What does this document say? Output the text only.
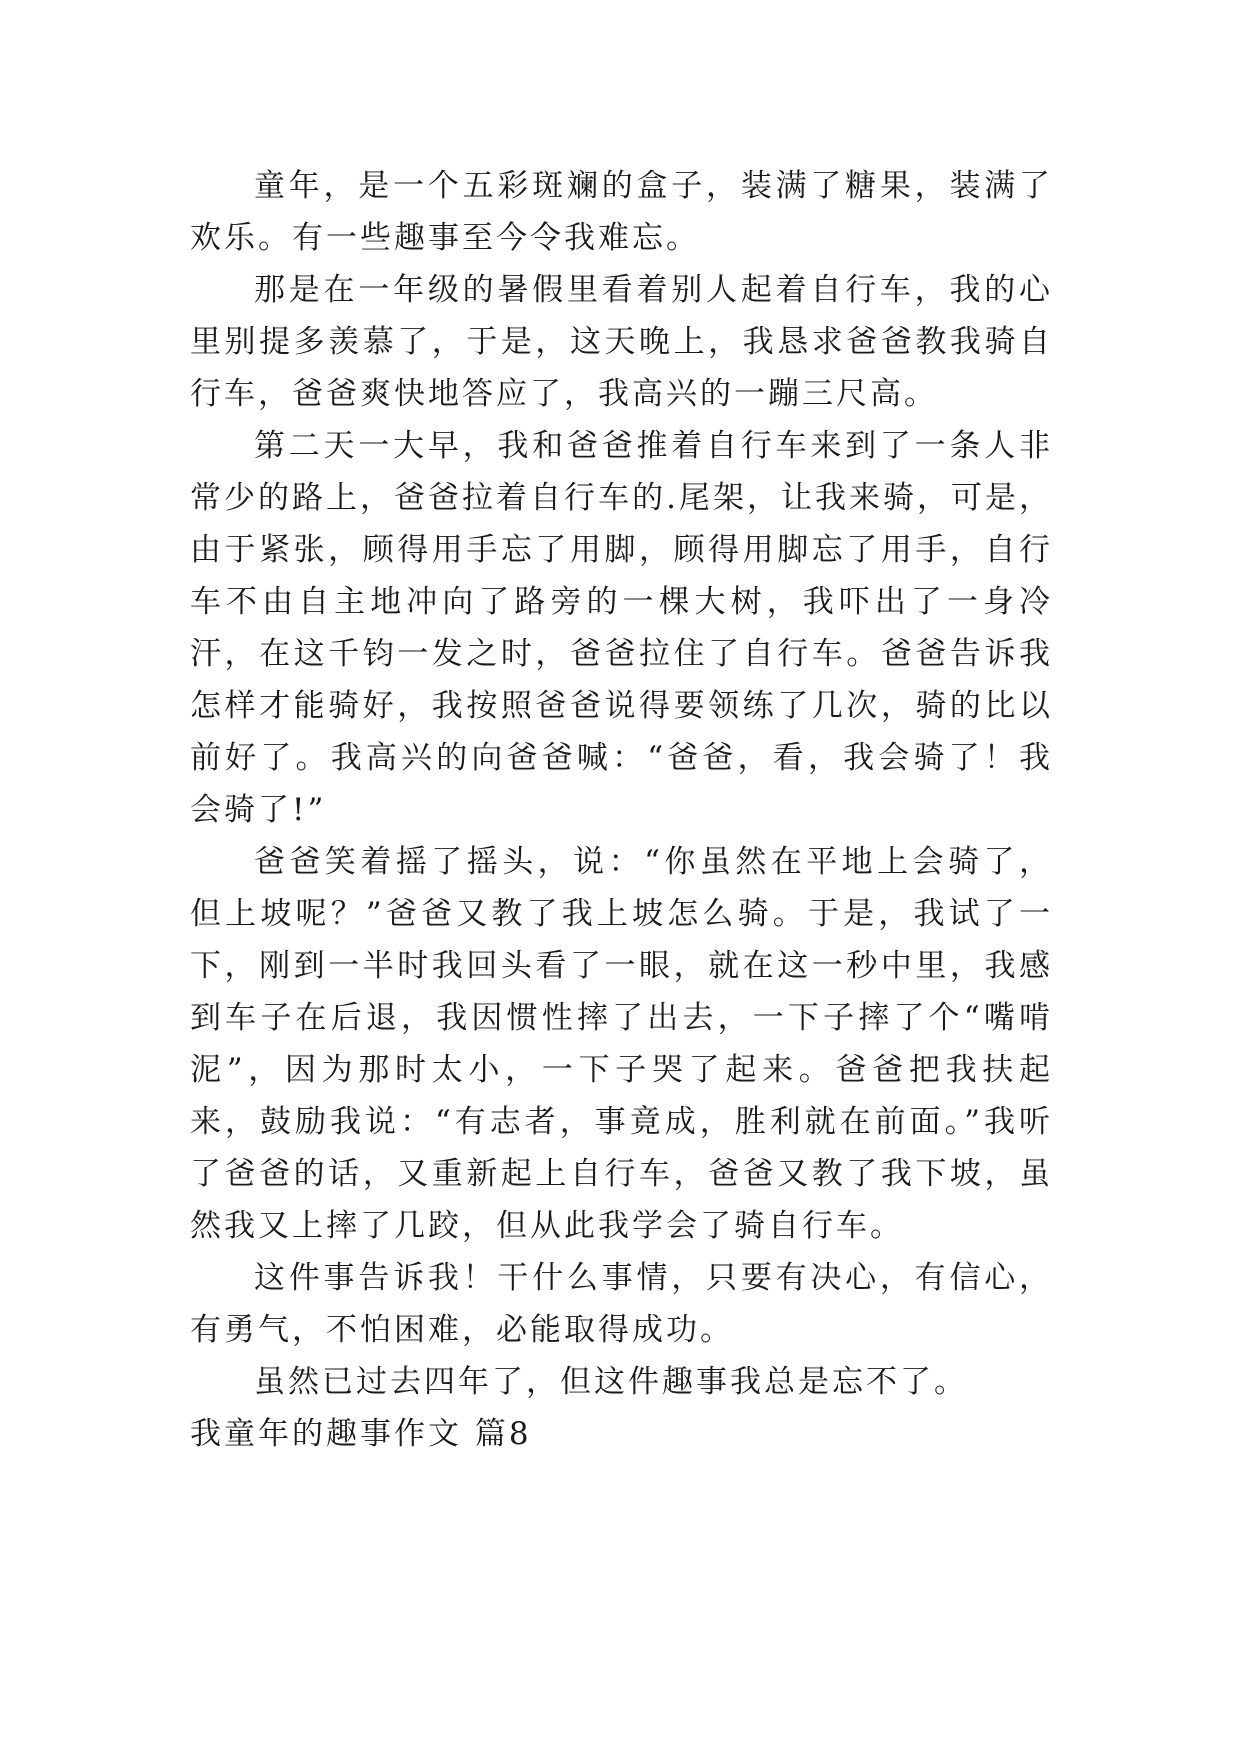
童年，是一个五彩斑斓的盒子，装满了糖果，装满了欢乐。有一些趣事至今令我难忘。

那是在一年级的暑假里看着别人起着自行车，我的心里别提多羡慕了，于是，这天晚上，我恳求爸爸教我骑自行车，爸爸爽快地答应了，我高兴的一蹦三尺高。

第二天一大早，我和爸爸推着自行车来到了一条人非常少的路上，爸爸拉着自行车的.尾架，让我来骑，可是，由于紧张，顾得用手忘了用脚，顾得用脚忘了用手，自行车不由自主地冲向了路旁的一棵大树，我吓出了一身冷汗，在这千钧一发之时，爸爸拉住了自行车。爸爸告诉我怎样才能骑好，我按照爸爸说得要领练了几次，骑的比以前好了。我高兴的向爸爸喊：“爸爸，看，我会骑了！我会骑了!”

爸爸笑着摇了摇头，说：“你虽然在平地上会骑了，但上坡呢？”爸爸又教了我上坡怎么骑。于是，我试了一下，刚到一半时我回头看了一眼，就在这一秒中里，我感到车子在后退，我因惯性摔了出去，一下子摔了个“嘴啃泥”，因为那时太小，一下子哭了起来。爸爸把我扶起来，鼓励我说：“有志者，事竟成，胜利就在前面。”我听了爸爸的话，又重新起上自行车，爸爸又教了我下坡，虽然我又上摔了几跤，但从此我学会了骑自行车。

这件事告诉我！干什么事情，只要有决心，有信心，有勇气，不怕困难，必能取得成功。

虽然已过去四年了，但这件趣事我总是忘不了。

我童年的趣事作文 篇8
